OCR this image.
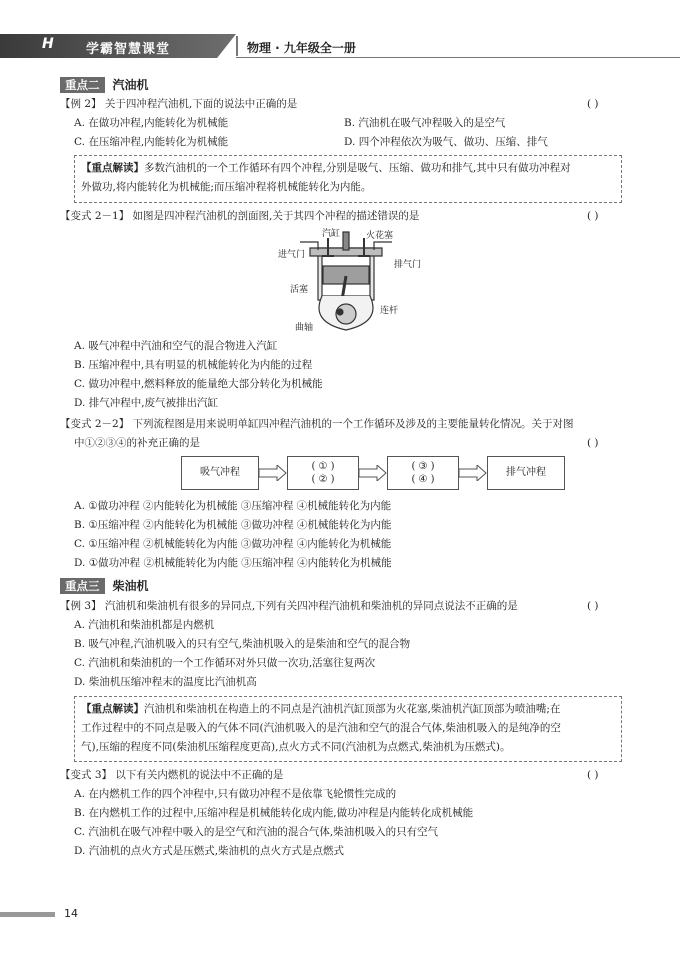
H 学霸智慧课堂	物理 · 九年级全一册
重点二 汽油机
【例 2】 关于四冲程汽油机,下面的说法中正确的是	( )
A. 在做功冲程,内能转化为机械能	B. 汽油机在吸气冲程吸入的是空气
C. 在压缩冲程,内能转化为机械能	D. 四个冲程依次为吸气、做功、压缩、排气
【重点解读】多数汽油机的一个工作循环有四个冲程,分别是吸气、压缩、做功和排气,其中只有做功冲程对
外做功,将内能转化为机械能;而压缩冲程将机械能转化为内能。
【变式 2－1】 如图是四冲程汽油机的剖面图,关于其四个冲程的描述错误的是	( )
汽缸	火花塞
进气门
排气门
活塞
连杆
曲轴
A. 吸气冲程中汽油和空气的混合物进入汽缸
B. 压缩冲程中,具有明显的机械能转化为内能的过程
C. 做功冲程中,燃料释放的能量绝大部分转化为机械能
D. 排气冲程中,废气被排出汽缸
【变式 2－2】 下列流程图是用来说明单缸四冲程汽油机的一个工作循环及涉及的主要能量转化情况。关于对图
中①②③④的补充正确的是	( )
吸气冲程
( ① )
( ② )
( ③ )
( ④ )
排气冲程
A. ①做功冲程 ②内能转化为机械能 ③压缩冲程 ④机械能转化为内能
B. ①压缩冲程 ②内能转化为机械能 ③做功冲程 ④机械能转化为内能
C. ①压缩冲程 ②机械能转化为内能 ③做功冲程 ④内能转化为机械能
D. ①做功冲程 ②机械能转化为内能 ③压缩冲程 ④内能转化为机械能
重点三 柴油机
【例 3】 汽油机和柴油机有很多的异同点,下列有关四冲程汽油机和柴油机的异同点说法不正确的是	( )
A. 汽油机和柴油机都是内燃机
B. 吸气冲程,汽油机吸入的只有空气,柴油机吸入的是柴油和空气的混合物
C. 汽油机和柴油机的一个工作循环对外只做一次功,活塞往复两次
D. 柴油机压缩冲程末的温度比汽油机高
【重点解读】汽油机和柴油机在构造上的不同点是汽油机汽缸顶部为火花塞,柴油机汽缸顶部为喷油嘴;在
工作过程中的不同点是吸入的气体不同(汽油机吸入的是汽油和空气的混合气体,柴油机吸入的是纯净的空
气),压缩的程度不同(柴油机压缩程度更高),点火方式不同(汽油机为点燃式,柴油机为压燃式)。
【变式 3】 以下有关内燃机的说法中不正确的是	( )
A. 在内燃机工作的四个冲程中,只有做功冲程不是依靠飞轮惯性完成的
B. 在内燃机工作的过程中,压缩冲程是机械能转化成内能,做功冲程是内能转化成机械能
C. 汽油机在吸气冲程中吸入的是空气和汽油的混合气体,柴油机吸入的只有空气
D. 汽油机的点火方式是压燃式,柴油机的点火方式是点燃式
14
